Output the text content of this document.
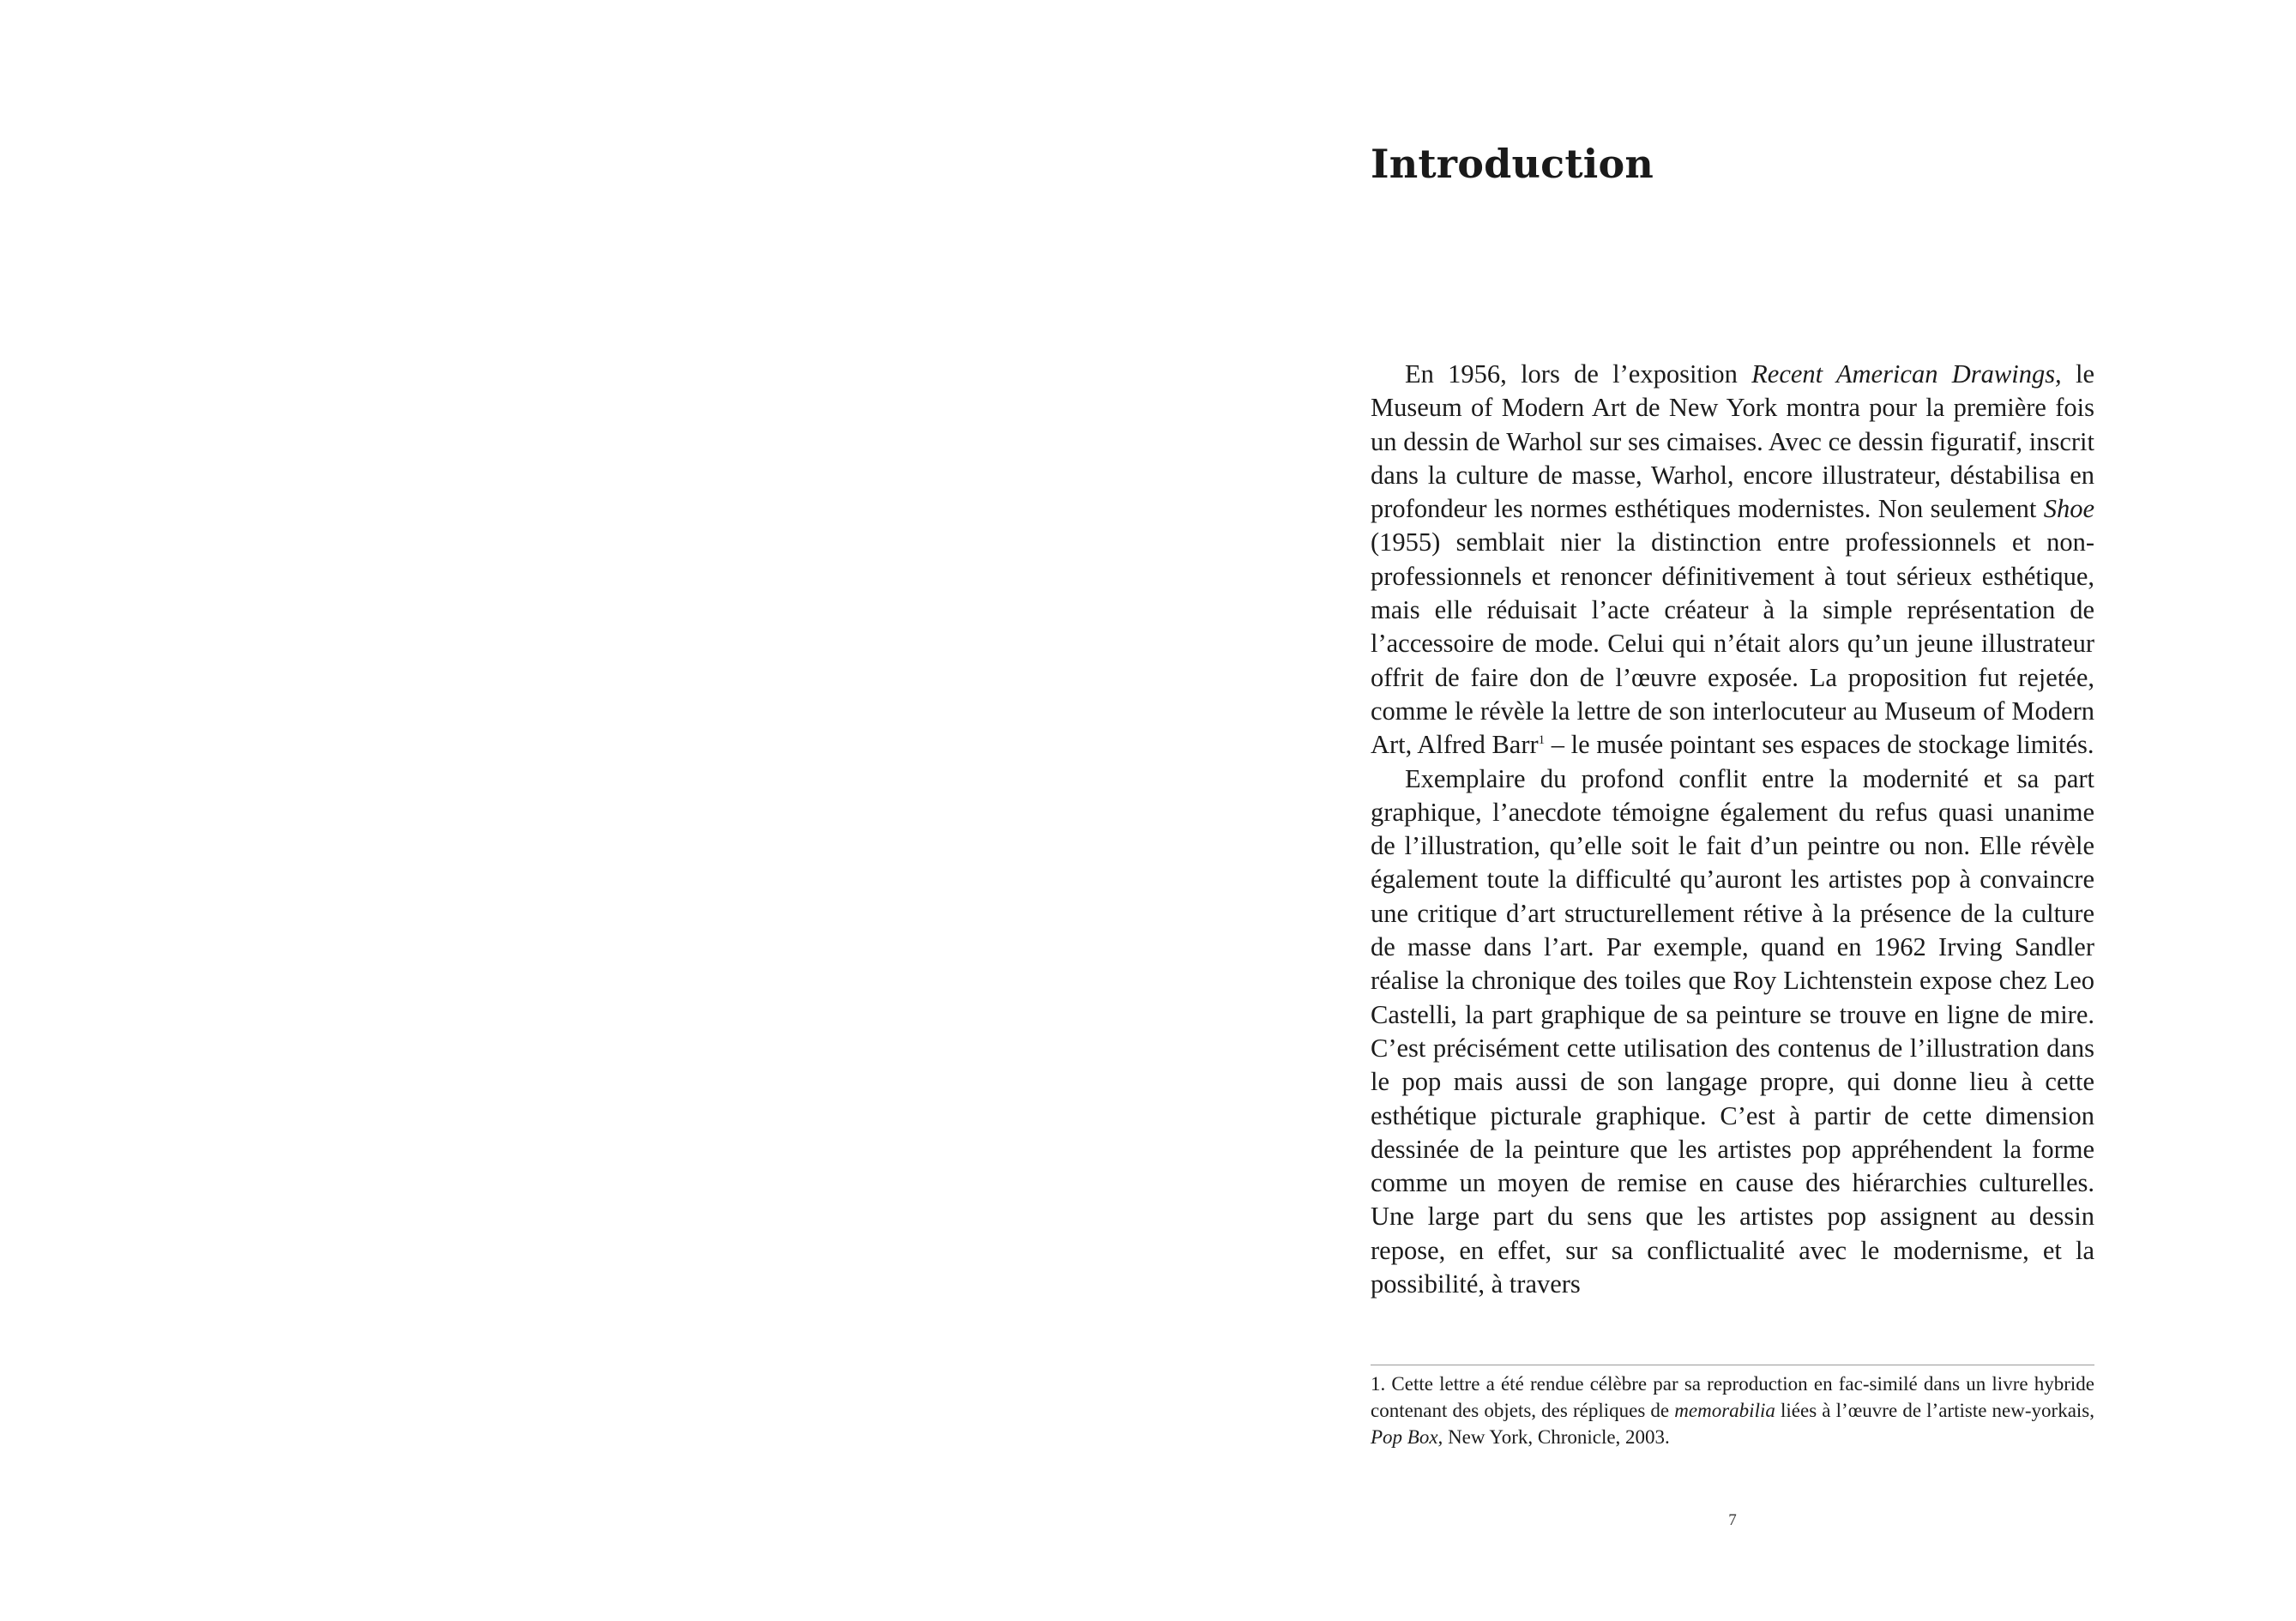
Introduction

En 1956, lors de l’exposition Recent American Drawings, le Museum of Modern Art de New York montra pour la première fois un dessin de Warhol sur ses cimaises. Avec ce dessin figuratif, inscrit dans la culture de masse, Warhol, encore illustrateur, déstabilisa en profondeur les normes esthétiques modernistes. Non seulement Shoe (1955) semblait nier la distinction entre professionnels et non-professionnels et renoncer définitivement à tout sérieux esthétique, mais elle réduisait l’acte créateur à la simple représentation de l’accessoire de mode. Celui qui n’était alors qu’un jeune illustrateur offrit de faire don de l’œuvre exposée. La proposition fut rejetée, comme le révèle la lettre de son interlocuteur au Museum of Modern Art, Alfred Barr$^1$ – le musée pointant ses espaces de stockage limités.

Exemplaire du profond conflit entre la modernité et sa part graphique, l’anecdote témoigne également du refus quasi unanime de l’illustration, qu’elle soit le fait d’un peintre ou non. Elle révèle également toute la difficulté qu’auront les artistes pop à convaincre une critique d’art structurellement rétive à la présence de la culture de masse dans l’art. Par exemple, quand en 1962 Irving Sandler réalise la chronique des toiles que Roy Lichtenstein expose chez Leo Castelli, la part graphique de sa peinture se trouve en ligne de mire. C’est précisément cette utilisation des contenus de l’illustration dans le pop mais aussi de son langage propre, qui donne lieu à cette esthétique picturale graphique. C’est à partir de cette dimension dessinée de la peinture que les artistes pop appréhendent la forme comme un moyen de remise en cause des hiérarchies culturelles. Une large part du sens que les artistes pop assignent au dessin repose, en effet, sur sa conflictualité avec le modernisme, et la possibilité, à travers

1. Cette lettre a été rendue célèbre par sa reproduction en fac-similé dans un livre hybride contenant des objets, des répliques de memorabilia liées à l’œuvre de l’artiste new-yorkais, Pop Box, New York, Chronicle, 2003.
7
